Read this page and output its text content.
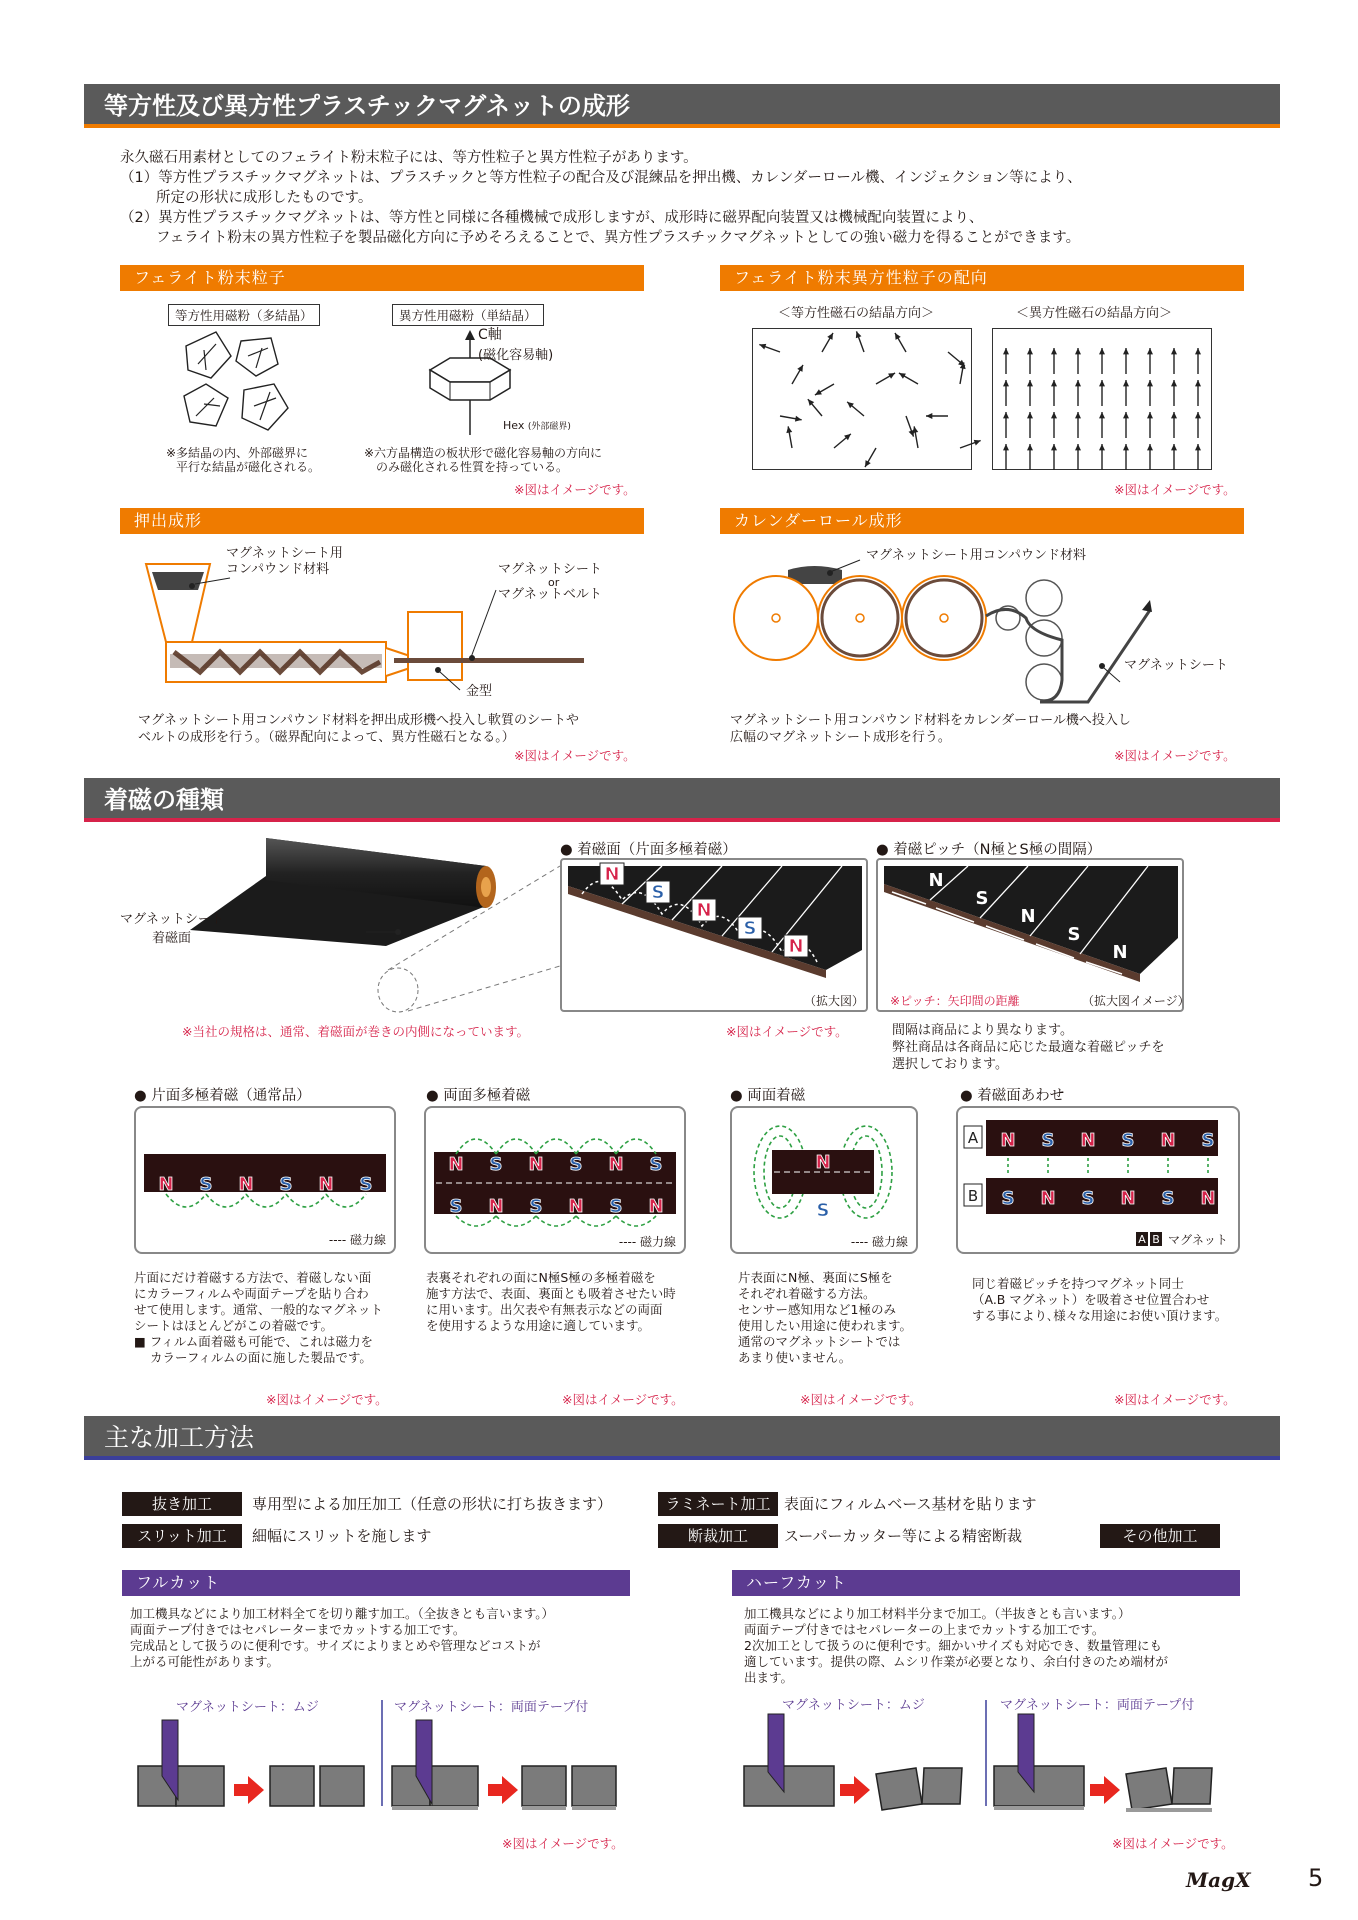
等方性及び異方性プラスチックマグネットの成形

永久磁石用素材としてのフェライト粉末粒子には、等方性粒子と異方性粒子があります。

（1）等方性プラスチックマグネットは、プラスチックと等方性粒子の配合及び混練品を押出機、カレンダーロール機、インジェクション等により、

所定の形状に成形したものです。

（2）異方性プラスチックマグネットは、等方性と同様に各種機械で成形しますが、成形時に磁界配向装置又は機械配向装置により、

フェライト粉末の異方性粒子を製品磁化方向に予めそろえることで、異方性プラスチックマグネットとしての強い磁力を得ることができます。

フェライト粉末粒子
等方性用磁粉（多結晶）	異方性用磁粉（単結晶）
C軸
(磁化容易軸)
Hex (外部磁界)
※多結晶の内、外部磁界に
平行な結晶が磁化される。
※六方晶構造の板状形で磁化容易軸の方向に
のみ磁化される性質を持っている。
※図はイメージです。
フェライト粉末異方性粒子の配向
＜等方性磁石の結晶方向＞	＜異方性磁石の結晶方向＞
※図はイメージです。
押出成形
マグネットシート用
コンパウンド材料	マグネットシート
or
マグネットベルト
金型

マグネットシート用コンパウンド材料を押出成形機へ投入し軟質のシートや

ベルトの成形を行う。（磁界配向によって、異方性磁石となる。）

※図はイメージです。
カレンダーロール成形
マグネットシート用コンパウンド材料
マグネットシート

マグネットシート用コンパウンド材料をカレンダーロール機へ投入し

広幅のマグネットシート成形を行う。

※図はイメージです。
着磁の種類
マグネットシート
着磁面
※当社の規格は、通常、着磁面が巻きの内側になっています。
● 着磁面（片面多極着磁）
N
S
N
S
N
（拡大図）
※図はイメージです。
● 着磁ピッチ（N極とS極の間隔）
N
S
N
S
N
※ピッチ：矢印間の距離	（拡大図イメージ）

間隔は商品により異なります。

弊社商品は各商品に応じた最適な着磁ピッチを

選択しております。

● 片面多極着磁（通常品）
N S N S N S
---- 磁力線
● 両面多極着磁
N S N S N S
S N S N S N
---- 磁力線
● 両面着磁
N
S
---- 磁力線
● 着磁面あわせ
A
B
N S N S N S
S N S N S N
A B マグネット

片面にだけ着磁する方法で、着磁しない面

にカラーフィルムや両面テープを貼り合わ

せて使用します。通常、一般的なマグネット

シートはほとんどがこの着磁です。

■ フィルム面着磁も可能で、これは磁力を

カラーフィルムの面に施した製品です。

表裏それぞれの面にN極S極の多極着磁を

施す方法で、表面、裏面とも吸着させたい時

に用います。出欠表や有無表示などの両面

を使用するような用途に適しています。

片表面にN極、裏面にS極を

それぞれ着磁する方法。

センサー感知用など1極のみ

使用したい用途に使われます。

通常のマグネットシートでは

あまり使いません。

同じ着磁ピッチを持つマグネット同士

（A.B マグネット）を吸着させ位置合わせ

する事により､様々な用途にお使い頂けます。

※図はイメージです。	※図はイメージです。	※図はイメージです。	※図はイメージです。
主な加工方法
抜き加工	専用型による加圧加工（任意の形状に打ち抜きます）	ラミネート加工 表面にフィルムベース基材を貼ります
スリット加工	細幅にスリットを施します	断裁加工	スーパーカッター等による精密断裁	その他加工
フルカット	ハーフカット

加工機具などにより加工材料全てを切り離す加工。（全抜きとも言います。）

両面テープ付きではセパレーターまでカットする加工です。

完成品として扱うのに便利です。サイズによりまとめや管理などコストが

上がる可能性があります。

加工機具などにより加工材料半分まで加工。（半抜きとも言います。）

両面テープ付きではセパレーターの上までカットする加工です。

2次加工として扱うのに便利です。細かいサイズも対応でき、数量管理にも

適しています。提供の際、ムシリ作業が必要となり、余白付きのため端材が

出ます。

マグネットシート：ムジ	マグネットシート：両面テープ付	マグネットシート：ムジ	マグネットシート：両面テープ付
※図はイメージです。	※図はイメージです。
MagX 5
